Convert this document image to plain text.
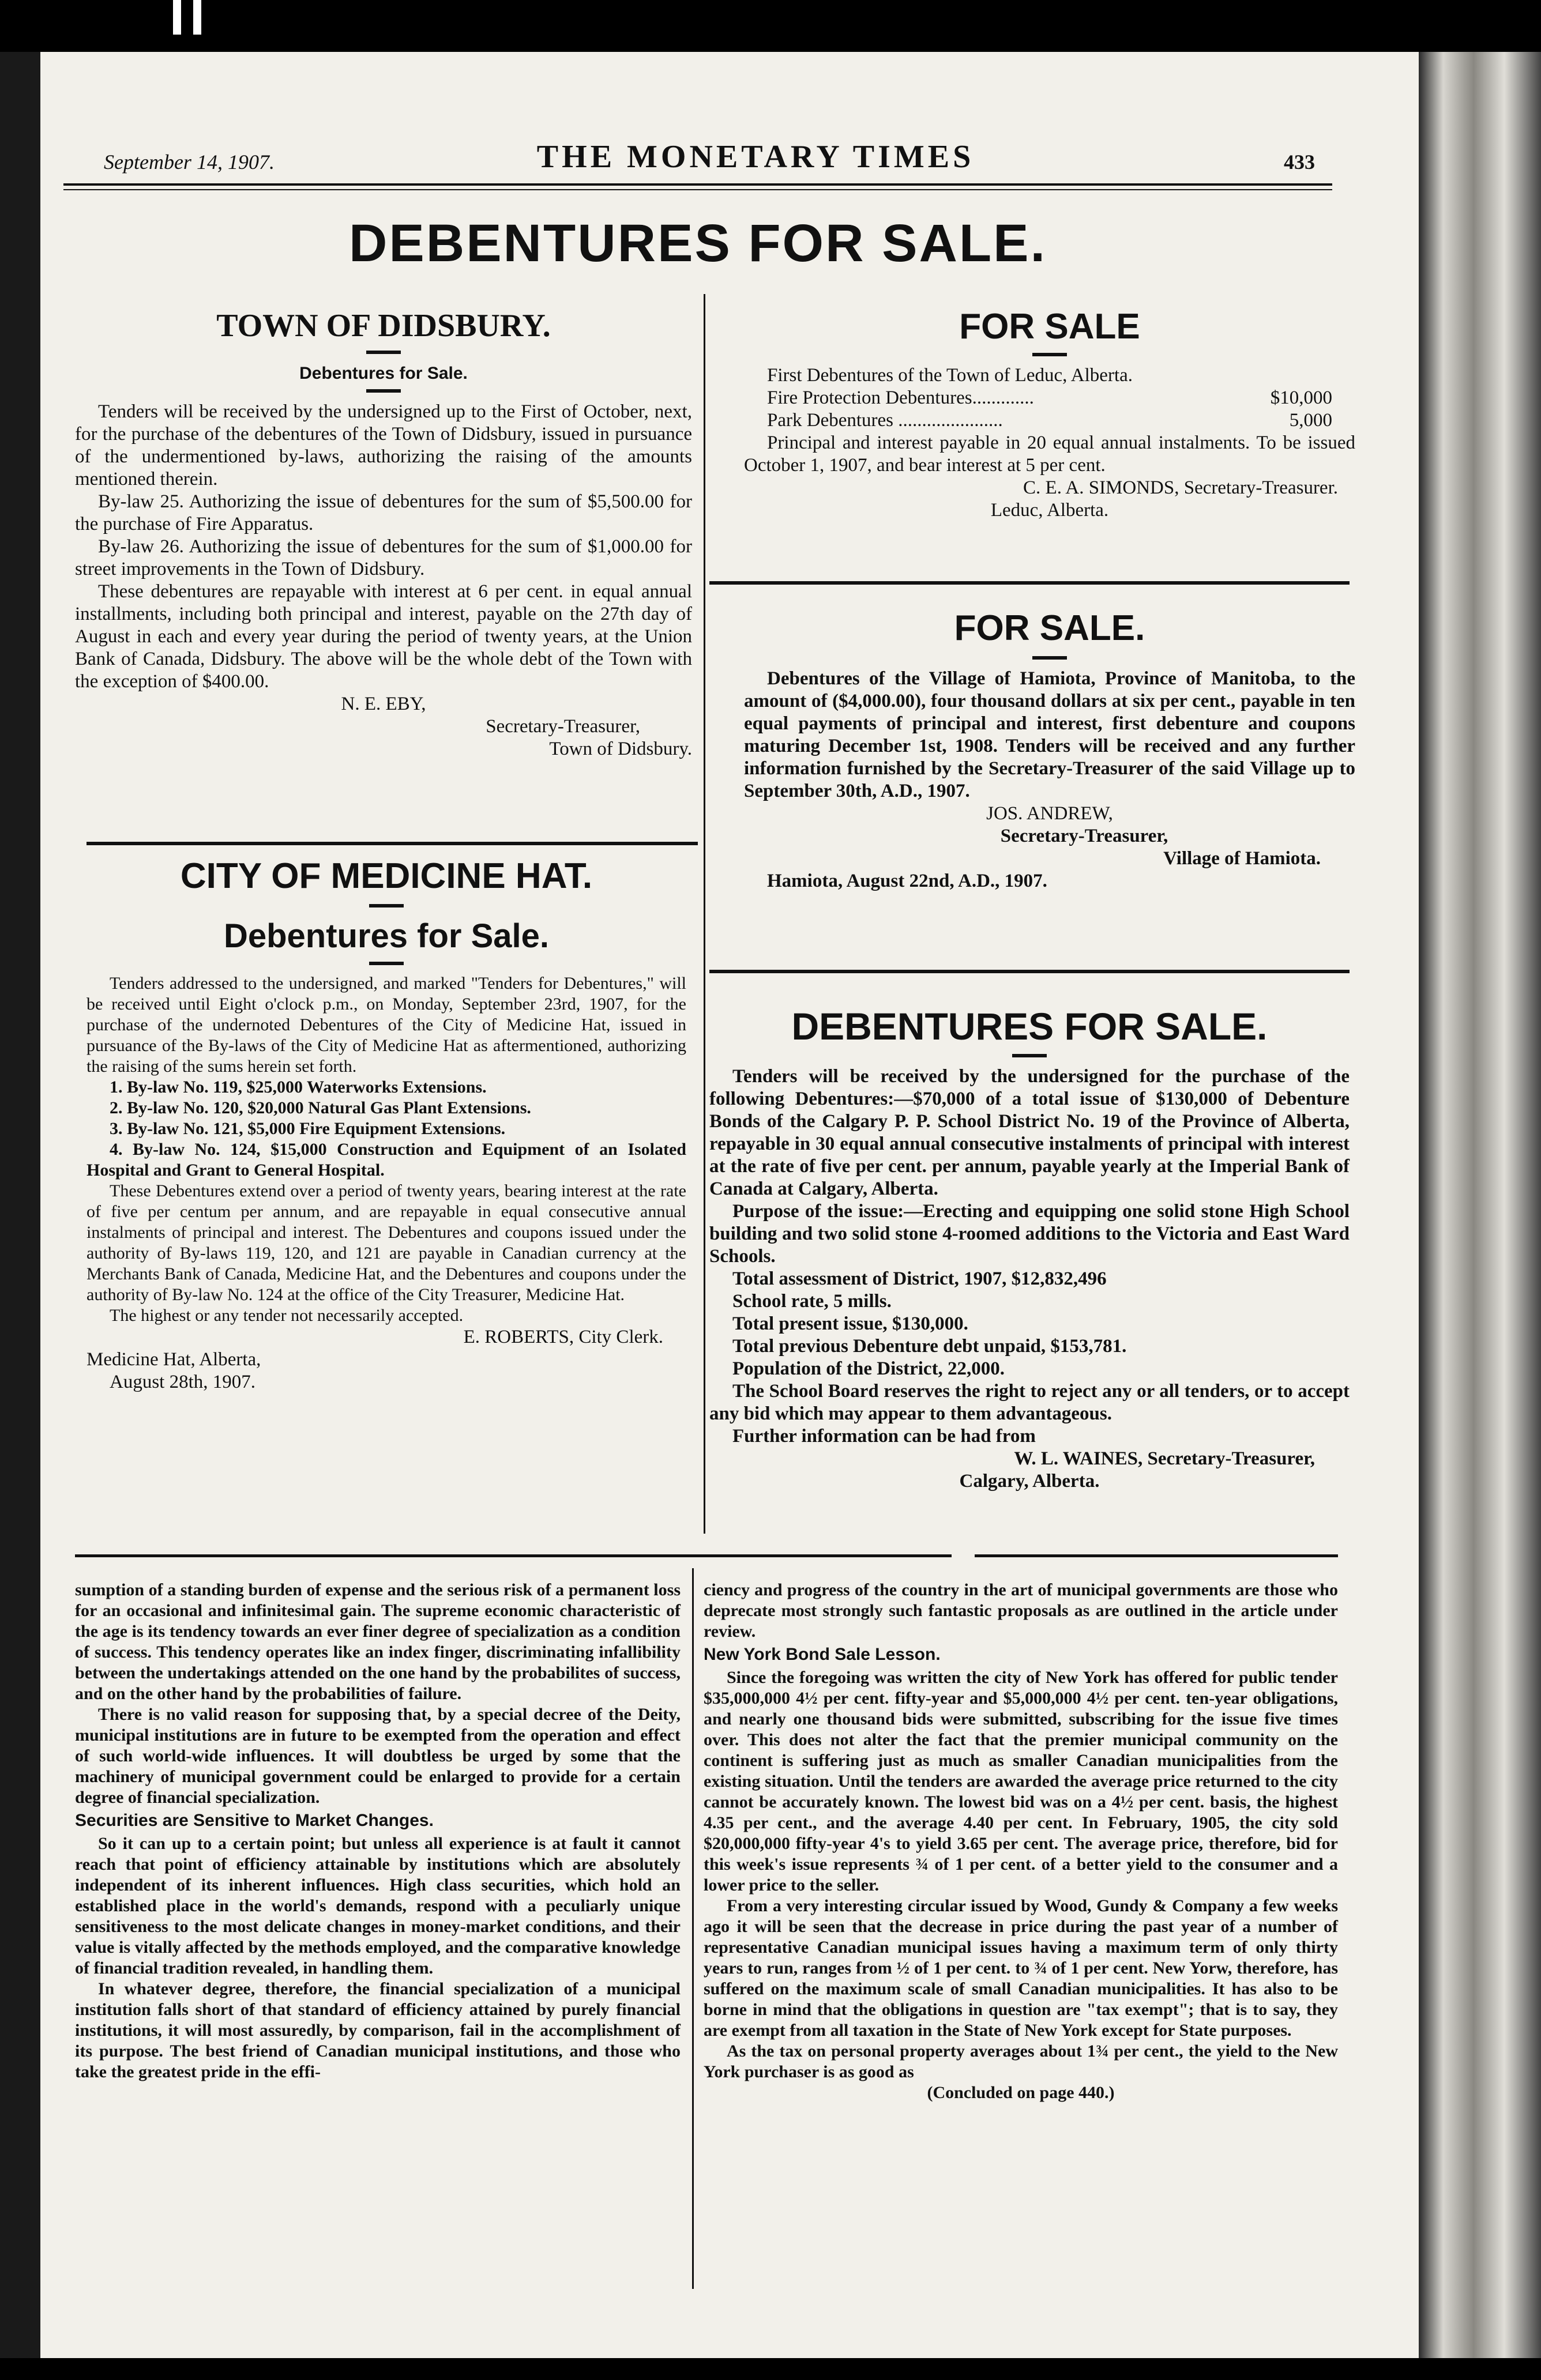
September 14, 1907.	THE MONETARY TIMES	433
DEBENTURES FOR SALE.
TOWN OF DIDSBURY.
Debentures for Sale.

Tenders will be received by the undersigned up to the First of October, next, for the purchase of the debentures of the Town of Didsbury, issued in pursuance of the undermentioned by-laws, authorizing the raising of the amounts mentioned therein.

By-law 25. Authorizing the issue of debentures for the sum of $5,500.00 for the purchase of Fire Apparatus.

By-law 26. Authorizing the issue of debentures for the sum of $1,000.00 for street improvements in the Town of Didsbury.

These debentures are repayable with interest at 6 per cent. in equal annual installments, including both principal and interest, payable on the 27th day of August in each and every year during the period of twenty years, at the Union Bank of Canada, Didsbury. The above will be the whole debt of the Town with the exception of $400.00.

N. E. EBY,
Secretary-Treasurer,
Town of Didsbury.
CITY OF MEDICINE HAT.
Debentures for Sale.

Tenders addressed to the undersigned, and marked "Tenders for Debentures," will be received until Eight o'clock p.m., on Monday, September 23rd, 1907, for the purchase of the undernoted Debentures of the City of Medicine Hat, issued in pursuance of the By-laws of the City of Medicine Hat as aftermentioned, authorizing the raising of the sums herein set forth.

1. By-law No. 119, $25,000 Waterworks Extensions.

2. By-law No. 120, $20,000 Natural Gas Plant Extensions.

3. By-law No. 121, $5,000 Fire Equipment Extensions.

4. By-law No. 124, $15,000 Construction and Equipment of an Isolated Hospital and Grant to General Hospital.

These Debentures extend over a period of twenty years, bearing interest at the rate of five per centum per annum, and are repayable in equal consecutive annual instalments of principal and interest. The Debentures and coupons issued under the authority of By-laws 119, 120, and 121 are payable in Canadian currency at the Merchants Bank of Canada, Medicine Hat, and the Debentures and coupons under the authority of By-law No. 124 at the office of the City Treasurer, Medicine Hat.

The highest or any tender not necessarily accepted.

E. ROBERTS, City Clerk.
Medicine Hat, Alberta,
August 28th, 1907.
FOR SALE
First Debentures of the Town of Leduc, Alberta.
Fire Protection Debentures.............	$10,000
Park Debentures ......................	5,000

Principal and interest payable in 20 equal annual instalments. To be issued October 1, 1907, and bear interest at 5 per cent.

C. E. A. SIMONDS, Secretary-Treasurer.
Leduc, Alberta.
FOR SALE.

Debentures of the Village of Hamiota, Province of Manitoba, to the amount of ($4,000.00), four thousand dollars at six per cent., payable in ten equal payments of principal and interest, first debenture and coupons maturing December 1st, 1908. Tenders will be received and any further information furnished by the Secretary-Treasurer of the said Village up to September 30th, A.D., 1907.

JOS. ANDREW,
Secretary-Treasurer,
Village of Hamiota.
Hamiota, August 22nd, A.D., 1907.
DEBENTURES FOR SALE.

Tenders will be received by the undersigned for the purchase of the following Debentures:—$70,000 of a total issue of $130,000 of Debenture Bonds of the Calgary P. P. School District No. 19 of the Province of Alberta, repayable in 30 equal annual consecutive instalments of principal with interest at the rate of five per cent. per annum, payable yearly at the Imperial Bank of Canada at Calgary, Alberta.

Purpose of the issue:—Erecting and equipping one solid stone High School building and two solid stone 4-roomed additions to the Victoria and East Ward Schools.

Total assessment of District, 1907, $12,832,496

School rate, 5 mills.

Total present issue, $130,000.

Total previous Debenture debt unpaid, $153,781.

Population of the District, 22,000.

The School Board reserves the right to reject any or all tenders, or to accept any bid which may appear to them advantageous.

Further information can be had from

W. L. WAINES, Secretary-Treasurer,
Calgary, Alberta.

sumption of a standing burden of expense and the serious risk of a permanent loss for an occasional and infinitesimal gain. The supreme economic characteristic of the age is its tendency towards an ever finer degree of specialization as a condition of success. This tendency operates like an index finger, discriminating infallibility between the undertakings attended on the one hand by the probabilites of success, and on the other hand by the probabilities of failure.

There is no valid reason for supposing that, by a special decree of the Deity, municipal institutions are in future to be exempted from the operation and effect of such world-wide influences. It will doubtless be urged by some that the machinery of municipal government could be enlarged to provide for a certain degree of financial specialization.

Securities are Sensitive to Market Changes.

So it can up to a certain point; but unless all experience is at fault it cannot reach that point of efficiency attainable by institutions which are absolutely independent of its inherent influences. High class securities, which hold an established place in the world's demands, respond with a peculiarly unique sensitiveness to the most delicate changes in money-market conditions, and their value is vitally affected by the methods employed, and the comparative knowledge of financial tradition revealed, in handling them.

In whatever degree, therefore, the financial specialization of a municipal institution falls short of that standard of efficiency attained by purely financial institutions, it will most assuredly, by comparison, fail in the accomplishment of its purpose. The best friend of Canadian municipal institutions, and those who take the greatest pride in the effi-

ciency and progress of the country in the art of municipal governments are those who deprecate most strongly such fantastic proposals as are outlined in the article under review.

New York Bond Sale Lesson.

Since the foregoing was written the city of New York has offered for public tender $35,000,000 4½ per cent. fifty-year and $5,000,000 4½ per cent. ten-year obligations, and nearly one thousand bids were submitted, subscribing for the issue five times over. This does not alter the fact that the premier municipal community on the continent is suffering just as much as smaller Canadian municipalities from the existing situation. Until the tenders are awarded the average price returned to the city cannot be accurately known. The lowest bid was on a 4½ per cent. basis, the highest 4.35 per cent., and the average 4.40 per cent. In February, 1905, the city sold $20,000,000 fifty-year 4's to yield 3.65 per cent. The average price, therefore, bid for this week's issue represents ¾ of 1 per cent. of a better yield to the consumer and a lower price to the seller.

From a very interesting circular issued by Wood, Gundy & Company a few weeks ago it will be seen that the decrease in price during the past year of a number of representative Canadian municipal issues having a maximum term of only thirty years to run, ranges from ½ of 1 per cent. to ¾ of 1 per cent. New Yorw, therefore, has suffered on the maximum scale of small Canadian municipalities. It has also to be borne in mind that the obligations in question are "tax exempt"; that is to say, they are exempt from all taxation in the State of New York except for State purposes.

As the tax on personal property averages about 1¾ per cent., the yield to the New York purchaser is as good as

(Concluded on page 440.)
